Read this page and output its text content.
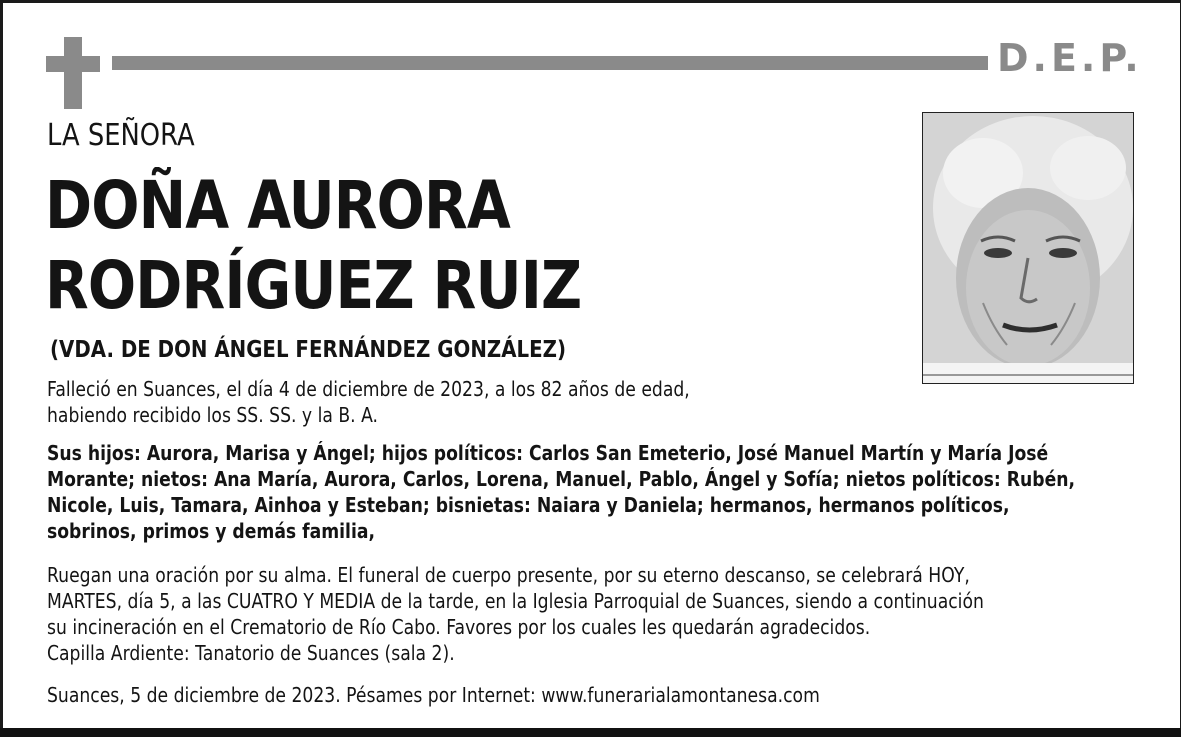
D.E.P.
LA SEÑORA
DOÑA AURORA
RODRÍGUEZ RUIZ
(VDA. DE DON ÁNGEL FERNÁNDEZ GONZÁLEZ)
Falleció en Suances, el día 4 de diciembre de 2023, a los 82 años de edad,
habiendo recibido los SS. SS. y la B. A.
Sus hijos: Aurora, Marisa y Ángel; hijos políticos: Carlos San Emeterio, José Manuel Martín y María José
Morante; nietos: Ana María, Aurora, Carlos, Lorena, Manuel, Pablo, Ángel y Sofía; nietos políticos: Rubén,
Nicole, Luis, Tamara, Ainhoa y Esteban; bisnietas: Naiara y Daniela; hermanos, hermanos políticos,
sobrinos, primos y demás familia,
Ruegan una oración por su alma. El funeral de cuerpo presente, por su eterno descanso, se celebrará HOY,
MARTES, día 5, a las CUATRO Y MEDIA de la tarde, en la Iglesia Parroquial de Suances, siendo a continuación
su incineración en el Crematorio de Río Cabo. Favores por los cuales les quedarán agradecidos.
Capilla Ardiente: Tanatorio de Suances (sala 2).
Suances, 5 de diciembre de 2023. Pésames por Internet: www.funerarialamontanesa.com
